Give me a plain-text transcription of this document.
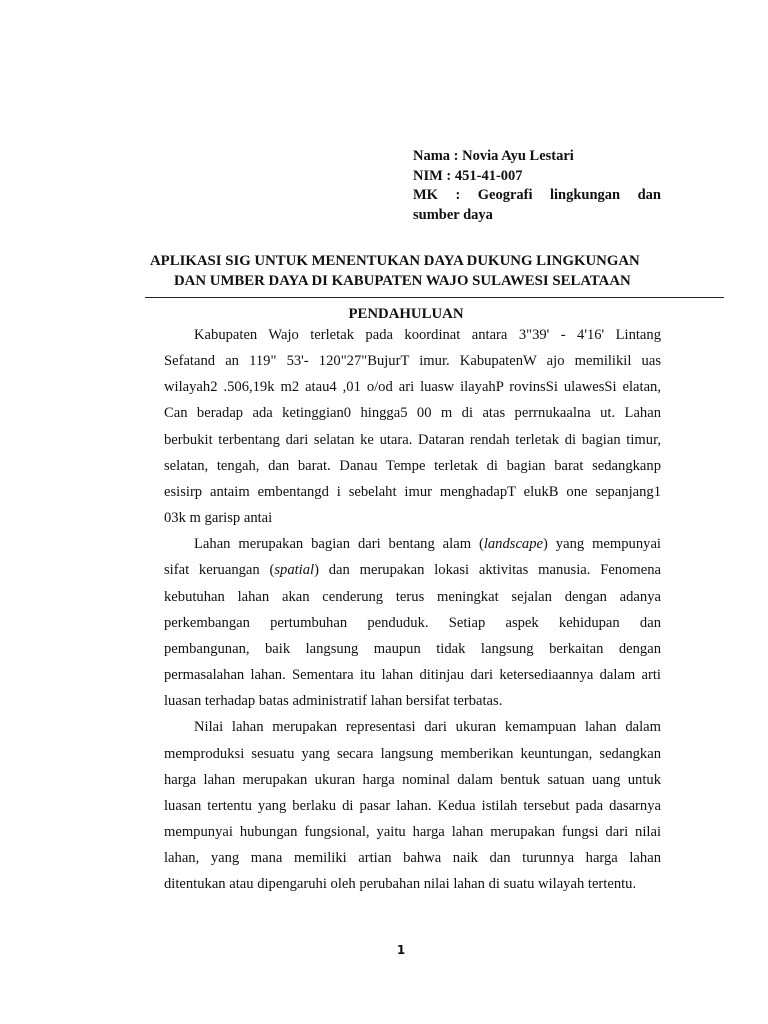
Nama : Novia Ayu Lestari
NIM : 451-41-007
MK : Geografi lingkungan dan
sumber daya
APLIKASI SIG UNTUK MENENTUKAN DAYA DUKUNG LINGKUNGAN
DAN UMBER DAYA DI KABUPATEN WAJO SULAWESI SELATAAN
PENDAHULUAN

Kabupaten Wajo terletak pada koordinat antara 3"39' - 4'16' Lintang
Sefatand an 119" 53'- 120"27"BujurT imur. KabupatenW ajo memilikil uas
wilayah2 .506,19k m2 atau4 ,01 o/od ari luasw ilayahP rovinsSi ulawesSi elatan,
Can beradap ada ketinggian0 hingga5 00 m di atas perrnukaalna ut. Lahan
berbukit terbentang dari selatan ke utara. Dataran rendah terletak di bagian timur,
selatan, tengah, dan barat. Danau Tempe terletak di bagian barat sedangkanp
esisirp antaim embentangd i sebelaht imur menghadapT elukB one sepanjang1
03k m garisp antai

Lahan merupakan bagian dari bentang alam (landscape) yang mempunyai
sifat keruangan (spatial) dan merupakan lokasi aktivitas manusia. Fenomena
kebutuhan lahan akan cenderung terus meningkat sejalan dengan adanya
perkembangan pertumbuhan penduduk. Setiap aspek kehidupan dan
pembangunan, baik langsung maupun tidak langsung berkaitan dengan
permasalahan lahan. Sementara itu lahan ditinjau dari ketersediaannya dalam arti
luasan terhadap batas administratif lahan bersifat terbatas.

Nilai lahan merupakan representasi dari ukuran kemampuan lahan dalam
memproduksi sesuatu yang secara langsung memberikan keuntungan, sedangkan
harga lahan merupakan ukuran harga nominal dalam bentuk satuan uang untuk
luasan tertentu yang berlaku di pasar lahan. Kedua istilah tersebut pada dasarnya
mempunyai hubungan fungsional, yaitu harga lahan merupakan fungsi dari nilai
lahan, yang mana memiliki artian bahwa naik dan turunnya harga lahan
ditentukan atau dipengaruhi oleh perubahan nilai lahan di suatu wilayah tertentu.

1
